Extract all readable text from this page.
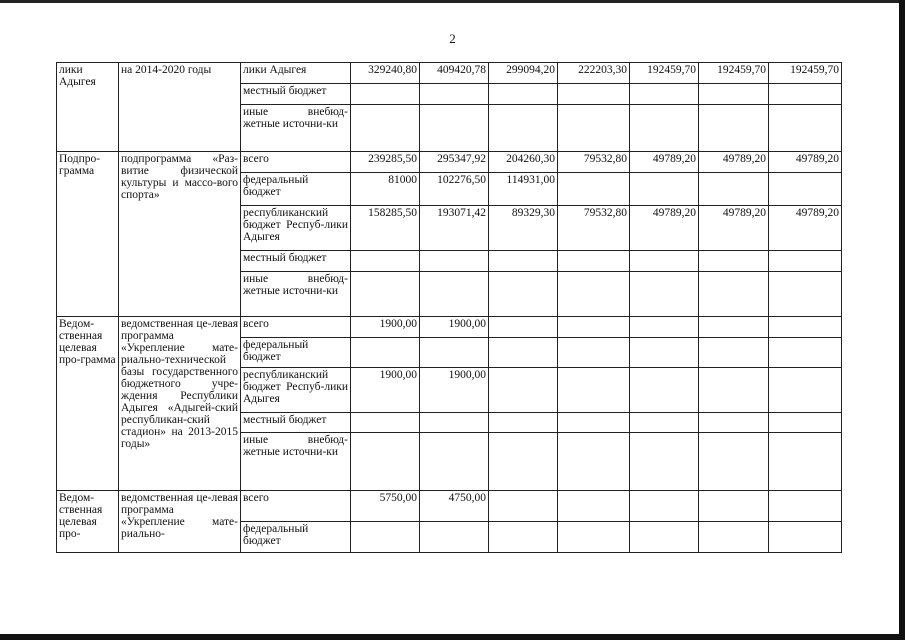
2
лики Адыгея	на 2014-2020 годы	лики Адыгея	329240,80	409420,78	299094,20	222203,30	192459,70	192459,70	192459,70
		местный бюджет							
		иные внебюд-жетные источни-ки							
Подпро-грамма	подпрограмма «Раз-витие физической культуры и массо-вого спорта»	всего	239285,50	295347,92	204260,30	79532,80	49789,20	49789,20	49789,20
		федеральный бюджет	81000	102276,50	114931,00				
		республиканский бюджет Респуб-лики Адыгея	158285,50	193071,42	89329,30	79532,80	49789,20	49789,20	49789,20
		местный бюджет							
		иные внебюд-жетные источни-ки							
Ведом-ственная целевая про-грамма	ведомственная це-левая программа «Укрепление мате-риально-технической базы государственного бюджетного учре-ждения Республики Адыгея «Адыгей-ский республикан-ский стадион» на 2013-2015 годы»	всего	1900,00	1900,00					
		федеральный бюджет							
		республиканский бюджет Респуб-лики Адыгея	1900,00	1900,00					
		местный бюджет							
		иные внебюд-жетные источни-ки							
Ведом-ственная целевая про-	ведомственная це-левая программа «Укрепление мате-риально-	всего	5750,00	4750,00					
		федеральный бюджет							
